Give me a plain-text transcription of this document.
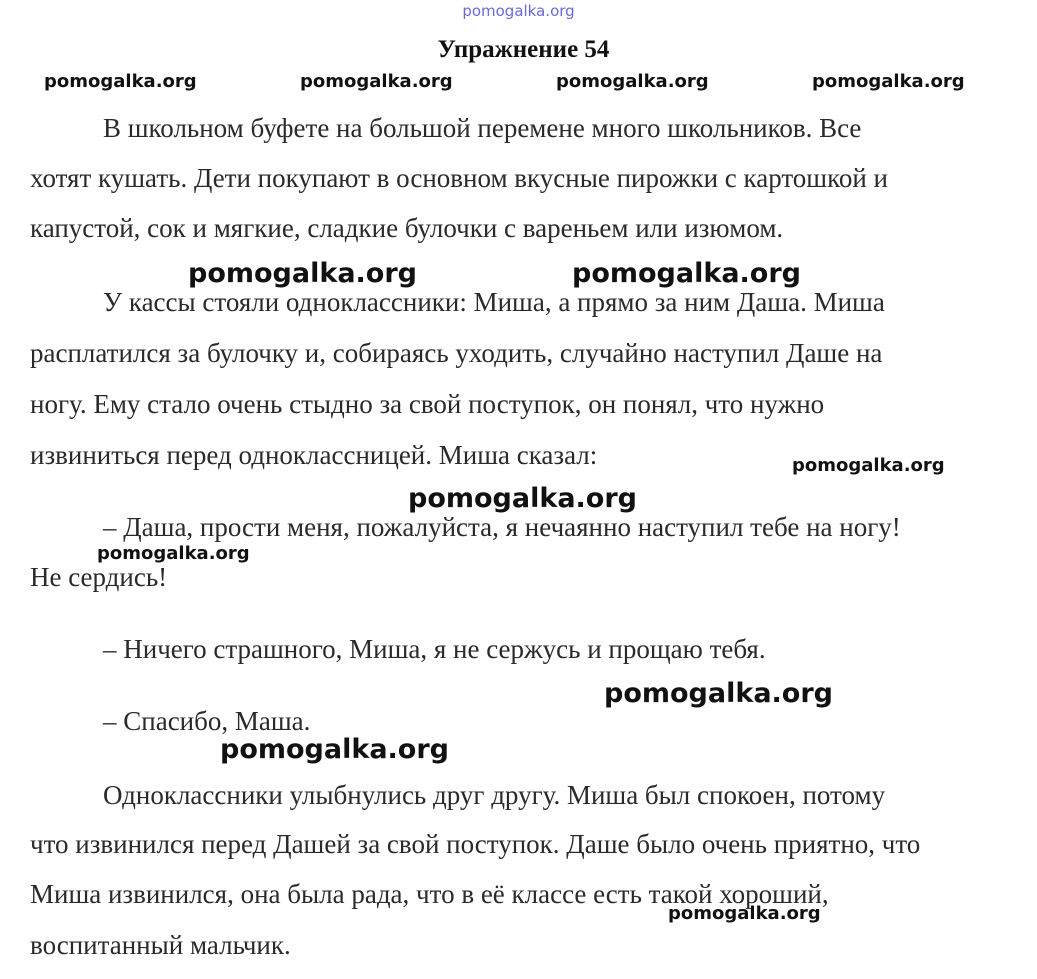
pomogalka.org
Упражнение 54
В школьном буфете на большой перемене много школьников. Все
хотят кушать. Дети покупают в основном вкусные пирожки с картошкой и
капустой, сок и мягкие, сладкие булочки с вареньем или изюмом.
У кассы стояли одноклассники: Миша, а прямо за ним Даша. Миша
расплатился за булочку и, собираясь уходить, случайно наступил Даше на
ногу. Ему стало очень стыдно за свой поступок, он понял, что нужно
извиниться перед одноклассницей. Миша сказал:
– Даша, прости меня, пожалуйста, я нечаянно наступил тебе на ногу!
Не сердись!
– Ничего страшного, Миша, я не сержусь и прощаю тебя.
– Спасибо, Маша.
Одноклассники улыбнулись друг другу. Миша был спокоен, потому
что извинился перед Дашей за свой поступок. Даше было очень приятно, что
Миша извинился, она была рада, что в её классе есть такой хороший,
воспитанный мальчик.
pomogalka.org	pomogalka.org	pomogalka.org	pomogalka.org
pomogalka.org	pomogalka.org
pomogalka.org
pomogalka.org
pomogalka.org
pomogalka.org
pomogalka.org
pomogalka.org
